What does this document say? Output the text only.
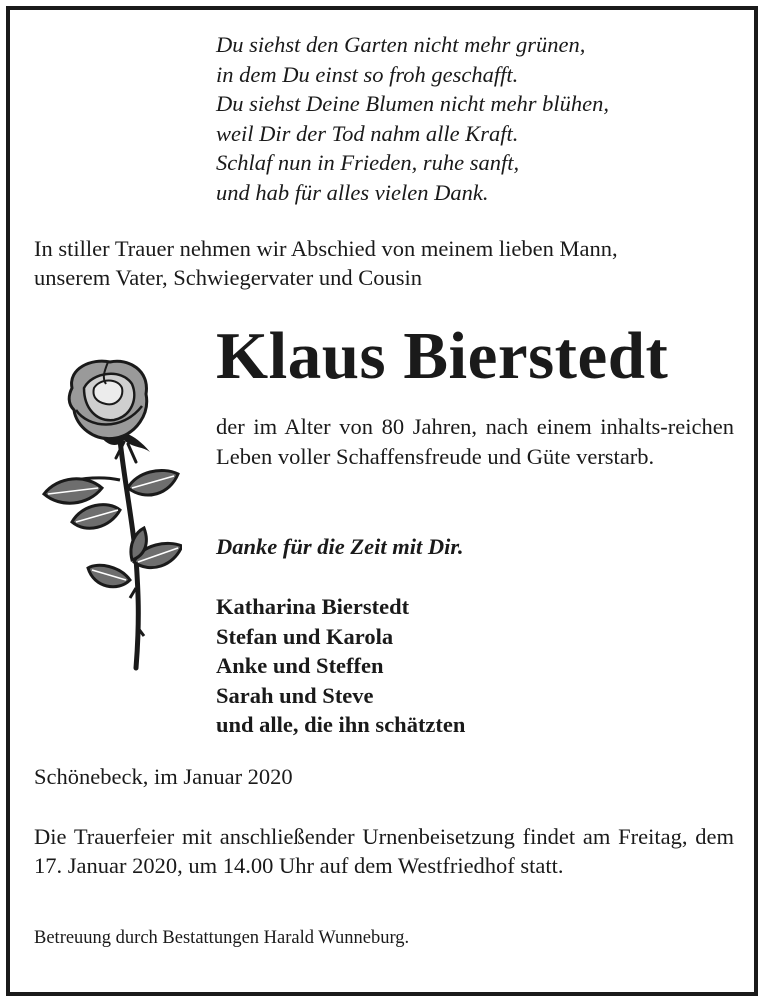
Du siehst den Garten nicht mehr grünen,
in dem Du einst so froh geschafft.
Du siehst Deine Blumen nicht mehr blühen,
weil Dir der Tod nahm alle Kraft.
Schlaf nun in Frieden, ruhe sanft,
und hab für alles vielen Dank.
In stiller Trauer nehmen wir Abschied von meinem lieben Mann,
unserem Vater, Schwiegervater und Cousin
Klaus Bierstedt
der im Alter von 80 Jahren, nach einem inhalts-reichen Leben voller Schaffensfreude und Güte verstarb.
Danke für die Zeit mit Dir.
Katharina Bierstedt
Stefan und Karola
Anke und Steffen
Sarah und Steve
und alle, die ihn schätzten
Schönebeck, im Januar 2020
Die Trauerfeier mit anschließender Urnenbeisetzung findet am Freitag, dem 17. Januar 2020, um 14.00 Uhr auf dem Westfriedhof statt.
Betreuung durch Bestattungen Harald Wunneburg.
